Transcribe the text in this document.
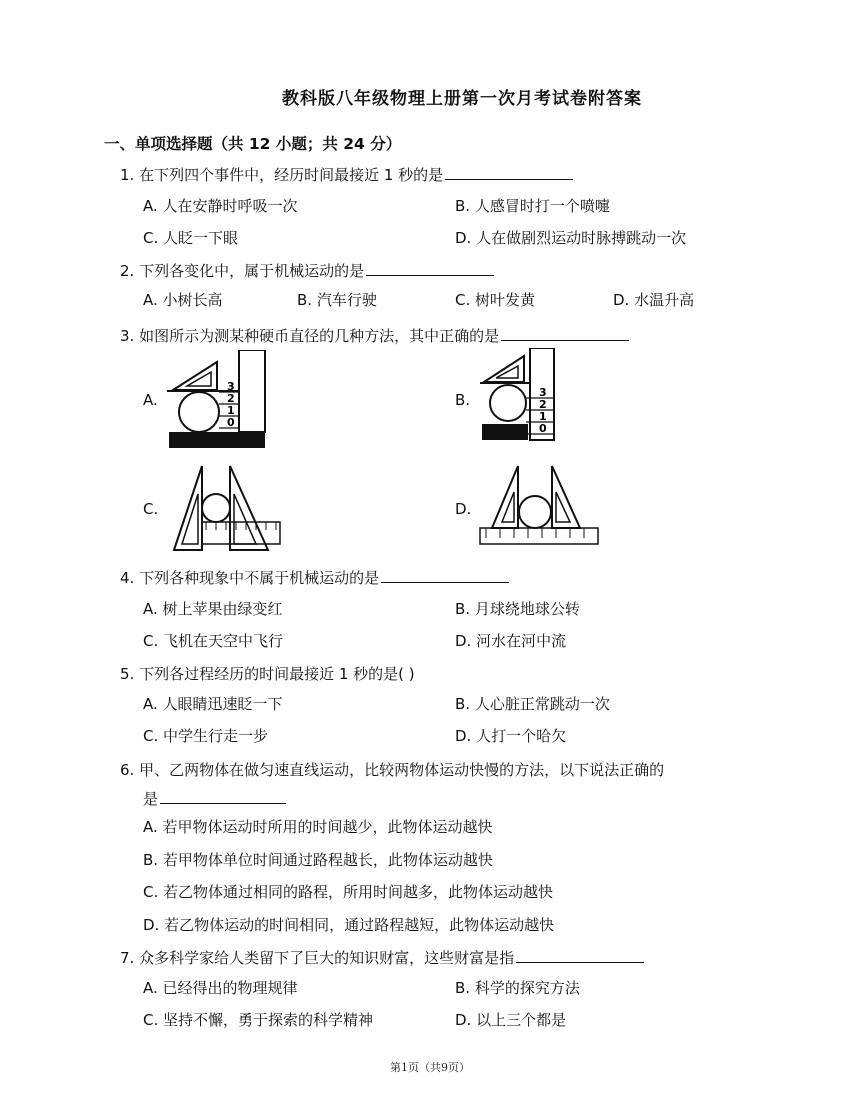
教科版八年级物理上册第一次月考试卷附答案
一、单项选择题（共 12 小题；共 24 分）
1. 在下列四个事件中，经历时间最接近 1 秒的是
A. 人在安静时呼吸一次	B. 人感冒时打一个喷嚏
C. 人眨一下眼	D. 人在做剧烈运动时脉搏跳动一次
2. 下列各变化中，属于机械运动的是
A. 小树长高	B. 汽车行驶	C. 树叶发黄	D. 水温升高
3. 如图所示为测某种硬币直径的几种方法，其中正确的是
A.	B.
C.	D.
3
2
1
0
3
2
1
0
4. 下列各种现象中不属于机械运动的是
A. 树上苹果由绿变红	B. 月球绕地球公转
C. 飞机在天空中飞行	D. 河水在河中流
5. 下列各过程经历的时间最接近 1 秒的是( )
A. 人眼睛迅速眨一下	B. 人心脏正常跳动一次
C. 中学生行走一步	D. 人打一个哈欠
6. 甲、乙两物体在做匀速直线运动，比较两物体运动快慢的方法，以下说法正确的
是
A. 若甲物体运动时所用的时间越少，此物体运动越快
B. 若甲物体单位时间通过路程越长，此物体运动越快
C. 若乙物体通过相同的路程，所用时间越多，此物体运动越快
D. 若乙物体运动的时间相同，通过路程越短，此物体运动越快
7. 众多科学家给人类留下了巨大的知识财富，这些财富是指
A. 已经得出的物理规律	B. 科学的探究方法
C. 坚持不懈，勇于探索的科学精神	D. 以上三个都是
第1页（共9页）
